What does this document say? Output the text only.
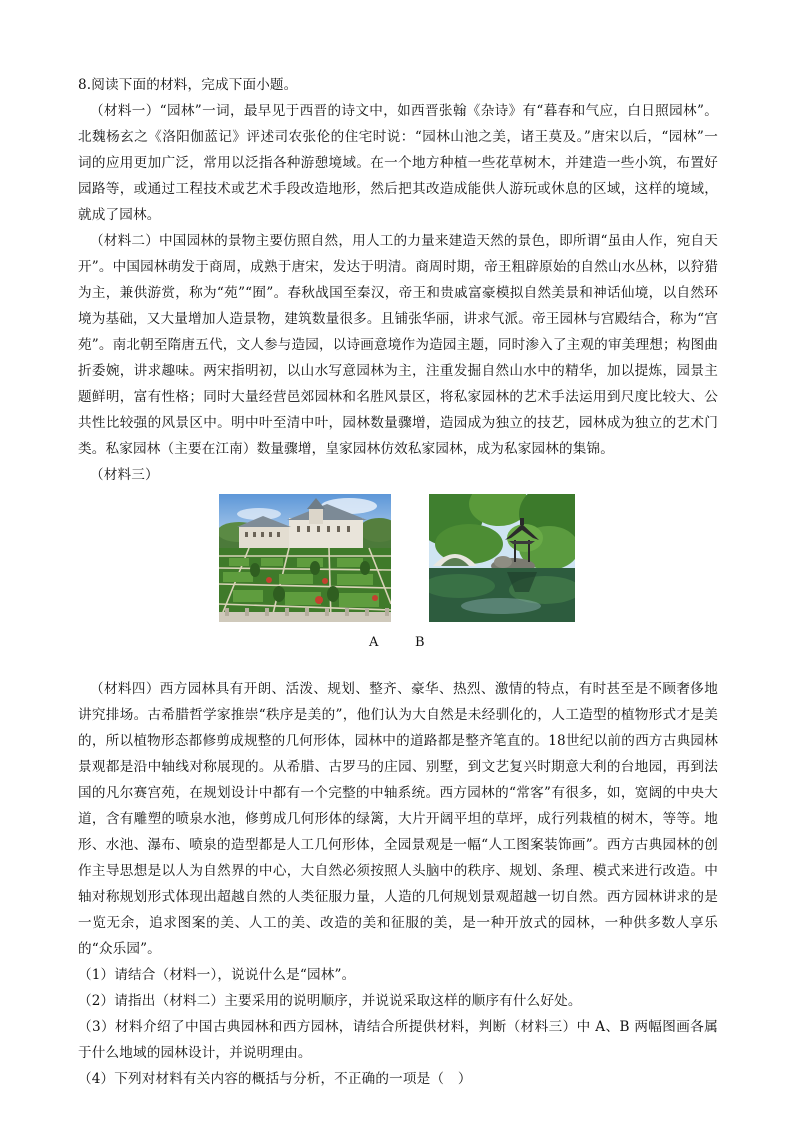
8.阅读下面的材料，完成下面小题。

（材料一）“园林”一词，最早见于西晋的诗文中，如西晋张翰《杂诗》有“暮春和气应，白日照园林”。北魏杨玄之《洛阳伽蓝记》评述司农张伦的住宅时说：“园林山池之美，诸王莫及。”唐宋以后，“园林”一词的应用更加广泛，常用以泛指各种游憩境域。在一个地方种植一些花草树木，并建造一些小筑，布置好园路等，或通过工程技术或艺术手段改造地形，然后把其改造成能供人游玩或休息的区域，这样的境域，就成了园林。

（材料二）中国园林的景物主要仿照自然，用人工的力量来建造天然的景色，即所谓“虽由人作，宛自天开”。中国园林萌发于商周，成熟于唐宋，发达于明清。商周时期，帝王粗辟原始的自然山水丛林，以狩猎为主，兼供游赏，称为“苑”“囿”。春秋战国至秦汉，帝王和贵戚富豪模拟自然美景和神话仙境，以自然环境为基础，又大量增加人造景物，建筑数量很多。且铺张华丽，讲求气派。帝王园林与宫殿结合，称为“宫苑”。南北朝至隋唐五代，文人参与造园，以诗画意境作为造园主题，同时渗入了主观的审美理想；构图曲折委婉，讲求趣味。两宋指明初，以山水写意园林为主，注重发掘自然山水中的精华，加以提炼，园景主题鲜明，富有性格；同时大量经营邑郊园林和名胜风景区，将私家园林的艺术手法运用到尺度比较大、公共性比较强的风景区中。明中叶至清中叶，园林数量骤增，造园成为独立的技艺，园林成为独立的艺术门类。私家园林（主要在江南）数量骤增，皇家园林仿效私家园林，成为私家园林的集锦。

（材料三）

A	B

（材料四）西方园林具有开朗、活泼、规划、整齐、豪华、热烈、激情的特点，有时甚至是不顾奢侈地讲究排场。古希腊哲学家推崇“秩序是美的”，他们认为大自然是未经驯化的，人工造型的植物形式才是美的，所以植物形态都修剪成规整的几何形体，园林中的道路都是整齐笔直的。18世纪以前的西方古典园林景观都是沿中轴线对称展现的。从希腊、古罗马的庄园、别墅，到文艺复兴时期意大利的台地园，再到法国的凡尔赛宫苑，在规划设计中都有一个完整的中轴系统。西方园林的“常客”有很多，如，宽阔的中央大道，含有雕塑的喷泉水池，修剪成几何形体的绿篱，大片开阔平坦的草坪，成行列栽植的树木，等等。地形、水池、瀑布、喷泉的造型都是人工几何形体，全园景观是一幅“人工图案装饰画”。西方古典园林的创作主导思想是以人为自然界的中心，大自然必须按照人头脑中的秩序、规划、条理、模式来进行改造。中轴对称规划形式体现出超越自然的人类征服力量，人造的几何规划景观超越一切自然。西方园林讲求的是一览无余，追求图案的美、人工的美、改造的美和征服的美，是一种开放式的园林，一种供多数人享乐的“众乐园”。

（1）请结合（材料一），说说什么是“园林”。

（2）请指出（材料二）主要采用的说明顺序，并说说采取这样的顺序有什么好处。

（3）材料介绍了中国古典园林和西方园林，请结合所提供材料，判断（材料三）中 A、B 两幅图画各属于什么地域的园林设计，并说明理由。

（4）下列对材料有关内容的概括与分析，不正确的一项是（　）
